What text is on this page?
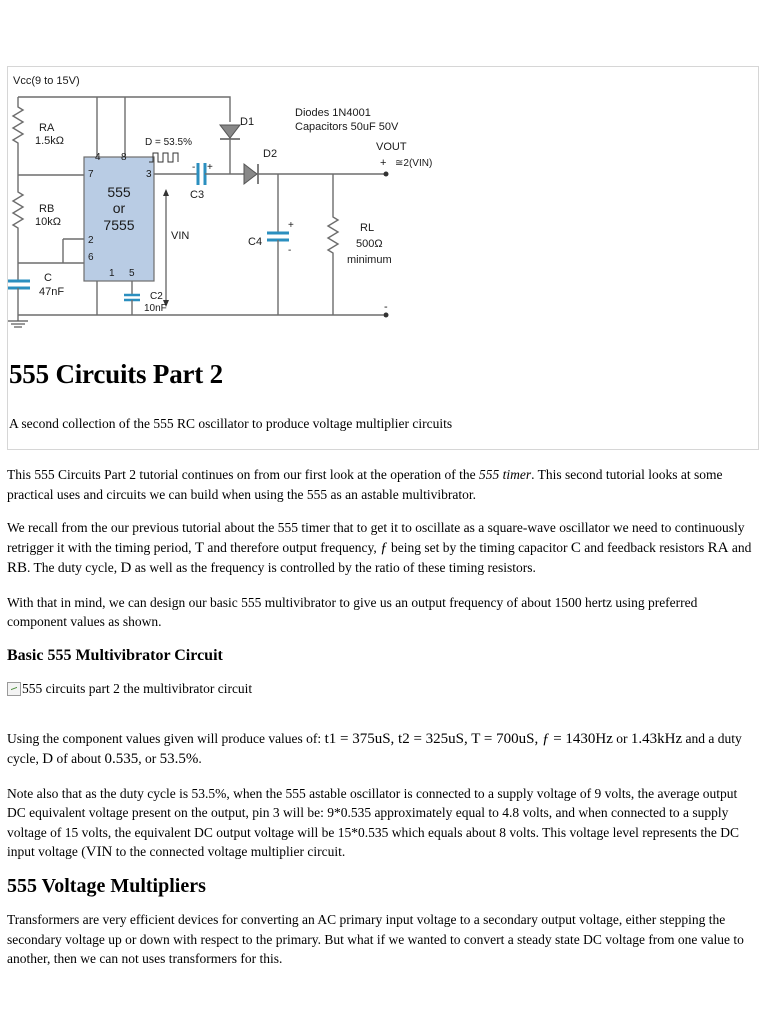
Vcc(9 to 15V)
RA
1.5kΩ
RB
10kΩ
C
47nF
555
or
7555
4 8
7	3
2
6
1 5
D = 53.5%
D1
D2
C3
C4
C2
10nF
VIN
RL
500Ω
minimum
Diodes 1N4001
Capacitors 50uF 50V
VOUT
≅2(VIN)
+
-
+
-
+
-
555 Circuits Part 2

A second collection of the 555 RC oscillator to produce voltage multiplier circuits

This 555 Circuits Part 2 tutorial continues on from our first look at the operation of the 555 timer. This second tutorial looks at some practical uses and circuits we can build when using the 555 as an astable multivibrator.

We recall from the our previous tutorial about the 555 timer that to get it to oscillate as a square-wave oscillator we need to continuously retrigger it with the timing period, T and therefore output frequency, ƒ being set by the timing capacitor C and feedback resistors RA and RB. The duty cycle, D as well as the frequency is controlled by the ratio of these timing resistors.

With that in mind, we can design our basic 555 multivibrator to give us an output frequency of about 1500 hertz using preferred component values as shown.

Basic 555 Multivibrator Circuit
555 circuits part 2 the multivibrator circuit

Using the component values given will produce values of: t1 = 375uS, t2 = 325uS, T = 700uS, ƒ = 1430Hz or 1.43kHz and a duty cycle, D of about 0.535, or 53.5%.

Note also that as the duty cycle is 53.5%, when the 555 astable oscillator is connected to a supply voltage of 9 volts, the average output DC equivalent voltage present on the output, pin 3 will be: 9*0.535 approximately equal to 4.8 volts, and when connected to a supply voltage of 15 volts, the equivalent DC output voltage will be 15*0.535 which equals about 8 volts. This voltage level represents the DC input voltage (VIN to the connected voltage multiplier circuit.

555 Voltage Multipliers

Transformers are very efficient devices for converting an AC primary input voltage to a secondary output voltage, either stepping the secondary voltage up or down with respect to the primary. But what if we wanted to convert a steady state DC voltage from one value to another, then we can not uses transformers for this.
